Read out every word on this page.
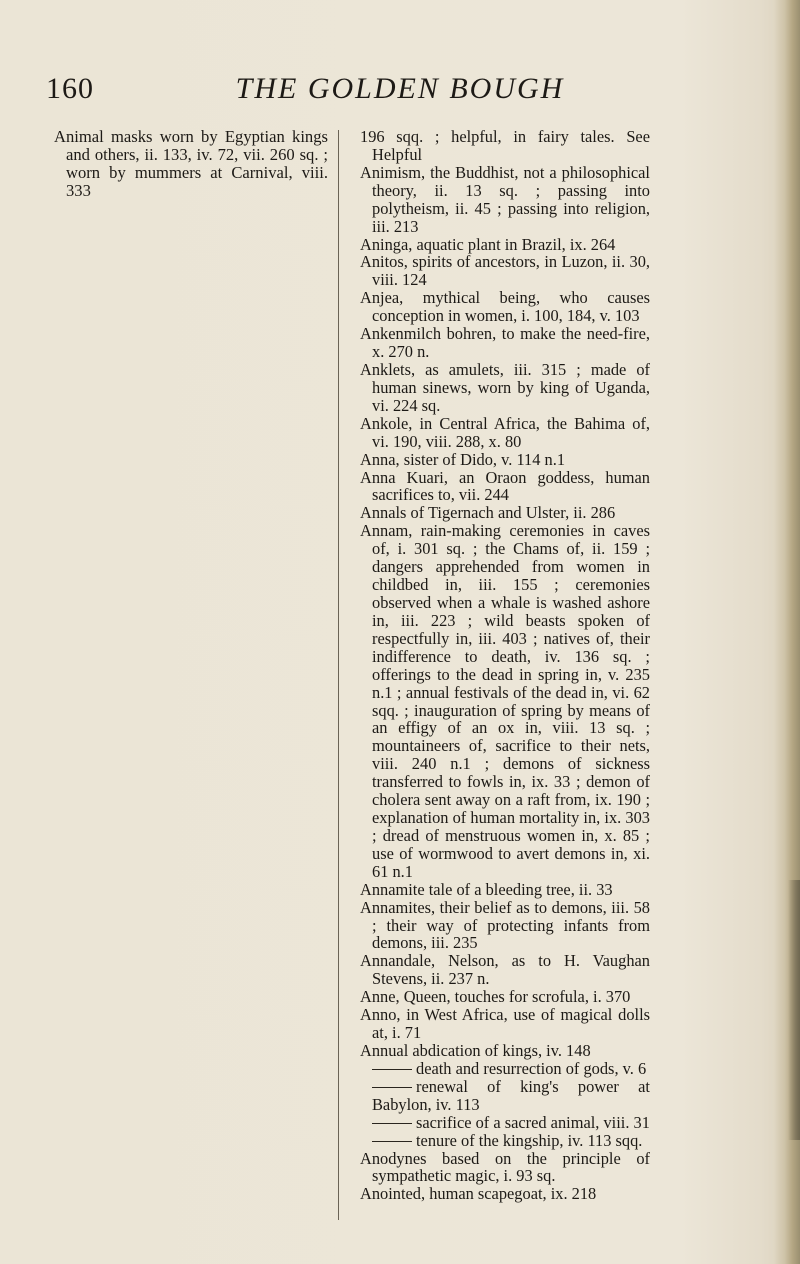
160	THE GOLDEN BOUGH

Animal masks worn by Egyptian kings and others, ii. 133, iv. 72, vii. 260 sq. ; worn by mummers at Carnival, viii. 333

196 sqq. ; helpful, in fairy tales. See Helpful

Animism, the Buddhist, not a philosophical theory, ii. 13 sq. ; passing into polytheism, ii. 45 ; passing into religion, iii. 213

Aninga, aquatic plant in Brazil, ix. 264

Anitos, spirits of ancestors, in Luzon, ii. 30, viii. 124

Anjea, mythical being, who causes conception in women, i. 100, 184, v. 103

Ankenmilch bohren, to make the need-fire, x. 270 n.

Anklets, as amulets, iii. 315 ; made of human sinews, worn by king of Uganda, vi. 224 sq.

Ankole, in Central Africa, the Bahima of, vi. 190, viii. 288, x. 80

Anna, sister of Dido, v. 114 n.1

Anna Kuari, an Oraon goddess, human sacrifices to, vii. 244

Annals of Tigernach and Ulster, ii. 286

Annam, rain-making ceremonies in caves of, i. 301 sq. ; the Chams of, ii. 159 ; dangers apprehended from women in childbed in, iii. 155 ; ceremonies observed when a whale is washed ashore in, iii. 223 ; wild beasts spoken of respectfully in, iii. 403 ; natives of, their indifference to death, iv. 136 sq. ; offerings to the dead in spring in, v. 235 n.1 ; annual festivals of the dead in, vi. 62 sqq. ; inauguration of spring by means of an effigy of an ox in, viii. 13 sq. ; mountaineers of, sacrifice to their nets, viii. 240 n.1 ; demons of sickness transferred to fowls in, ix. 33 ; demon of cholera sent away on a raft from, ix. 190 ; explanation of human mortality in, ix. 303 ; dread of menstruous women in, x. 85 ; use of wormwood to avert demons in, xi. 61 n.1

Annamite tale of a bleeding tree, ii. 33

Annamites, their belief as to demons, iii. 58 ; their way of protecting infants from demons, iii. 235

Annandale, Nelson, as to H. Vaughan Stevens, ii. 237 n.

Anne, Queen, touches for scrofula, i. 370

Anno, in West Africa, use of magical dolls at, i. 71

Annual abdication of kings, iv. 148

death and resurrection of gods, v. 6

renewal of king's power at Babylon, iv. 113

sacrifice of a sacred animal, viii. 31

tenure of the kingship, iv. 113 sqq.

Anodynes based on the principle of sympathetic magic, i. 93 sq.

Anointed, human scapegoat, ix. 218
